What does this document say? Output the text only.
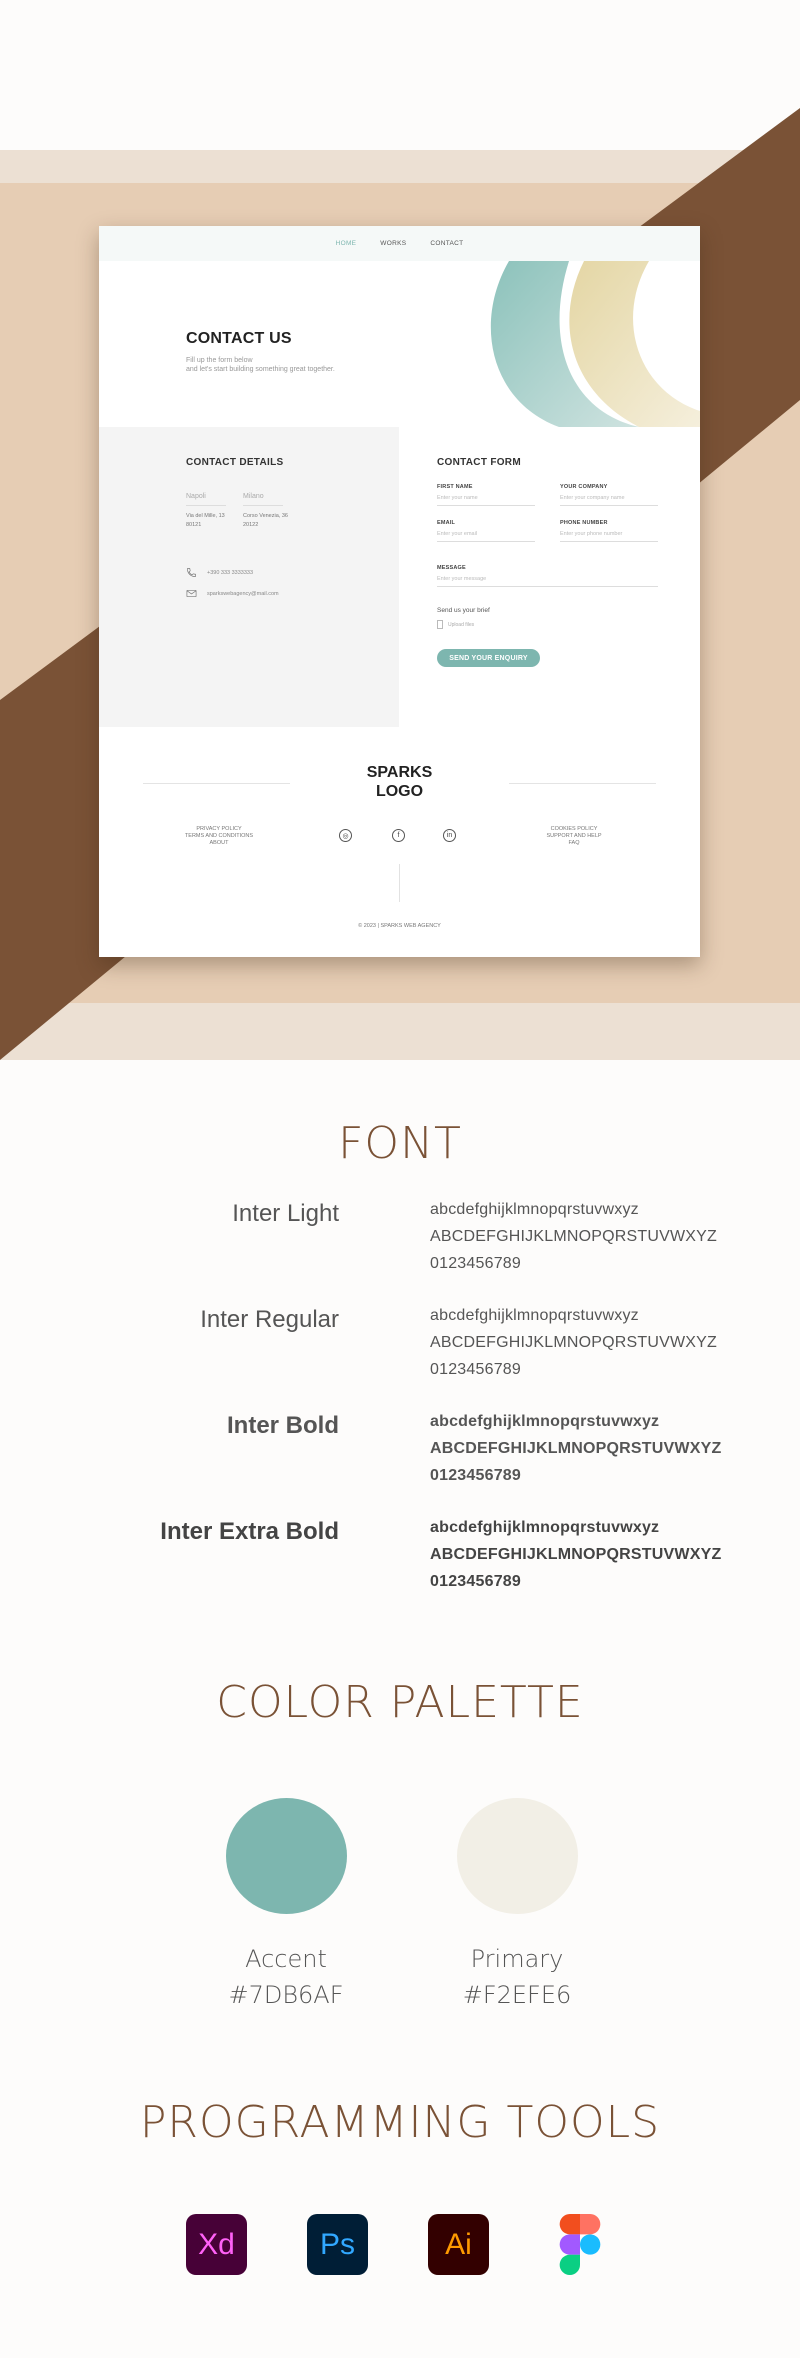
HOME	WORKS	CONTACT
CONTACT US
Fill up the form below
and let's start building something great together.
CONTACT DETAILS
Napoli	Milano
Via del Mille, 13
80121
Corso Venezia, 36
20122
+390 333 3333333
sparkswebagency@mail.com
CONTACT FORM
FIRST NAME
Enter your name
YOUR COMPANY
Enter your company name
EMAIL
Enter your email
PHONE NUMBER
Enter your phone number
MESSAGE
Enter your message
Send us your brief
Upload files
SEND YOUR ENQUIRY
SPARKS
LOGO
PRIVACY POLICY
TERMS AND CONDITIONS
ABOUT
◎	f	in
COOKIES POLICY
SUPPORT AND HELP
FAQ
© 2023 | SPARKS WEB AGENCY
FONT
Inter Light	abcdefghijklmnopqrstuvwxyz
ABCDEFGHIJKLMNOPQRSTUVWXYZ
0123456789
Inter Regular	abcdefghijklmnopqrstuvwxyz
ABCDEFGHIJKLMNOPQRSTUVWXYZ
0123456789
Inter Bold	abcdefghijklmnopqrstuvwxyz
ABCDEFGHIJKLMNOPQRSTUVWXYZ
0123456789
Inter Extra Bold	abcdefghijklmnopqrstuvwxyz
ABCDEFGHIJKLMNOPQRSTUVWXYZ
0123456789
COLOR PALETTE
Accent
#7DB6AF
Primary
#F2EFE6
PROGRAMMING TOOLS
Xd	Ps	Ai
